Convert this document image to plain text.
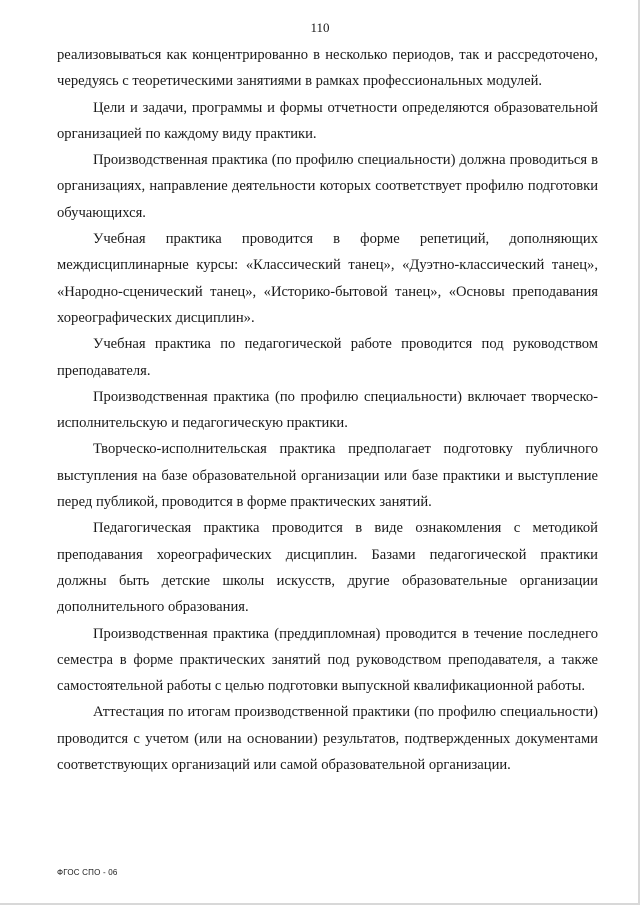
110

реализовываться как концентрированно в несколько периодов, так и рассредоточено, чередуясь с теоретическими занятиями в рамках профессиональных модулей.

Цели и задачи, программы и формы отчетности определяются образовательной организацией по каждому виду практики.

Производственная практика (по профилю специальности) должна проводиться в организациях, направление деятельности которых соответствует профилю подготовки обучающихся.

Учебная практика проводится в форме репетиций, дополняющих междисциплинарные курсы: «Классический танец», «Дуэтно-классический танец», «Народно-сценический танец», «Историко-бытовой танец», «Основы преподавания хореографических дисциплин».

Учебная практика по педагогической работе проводится под руководством преподавателя.

Производственная практика (по профилю специальности) включает творческо-исполнительскую и педагогическую практики.

Творческо-исполнительская практика предполагает подготовку публичного выступления на базе образовательной организации или базе практики и выступление перед публикой, проводится в форме практических занятий.

Педагогическая практика проводится в виде ознакомления с методикой преподавания хореографических дисциплин. Базами педагогической практики должны быть детские школы искусств, другие образовательные организации дополнительного образования.

Производственная практика (преддипломная) проводится в течение последнего семестра в форме практических занятий под руководством преподавателя, а также самостоятельной работы с целью подготовки выпускной квалификационной работы.

Аттестация по итогам производственной практики (по профилю специальности) проводится с учетом (или на основании) результатов, подтвержденных документами соответствующих организаций или самой образовательной организации.

ФГОС СПО - 06
